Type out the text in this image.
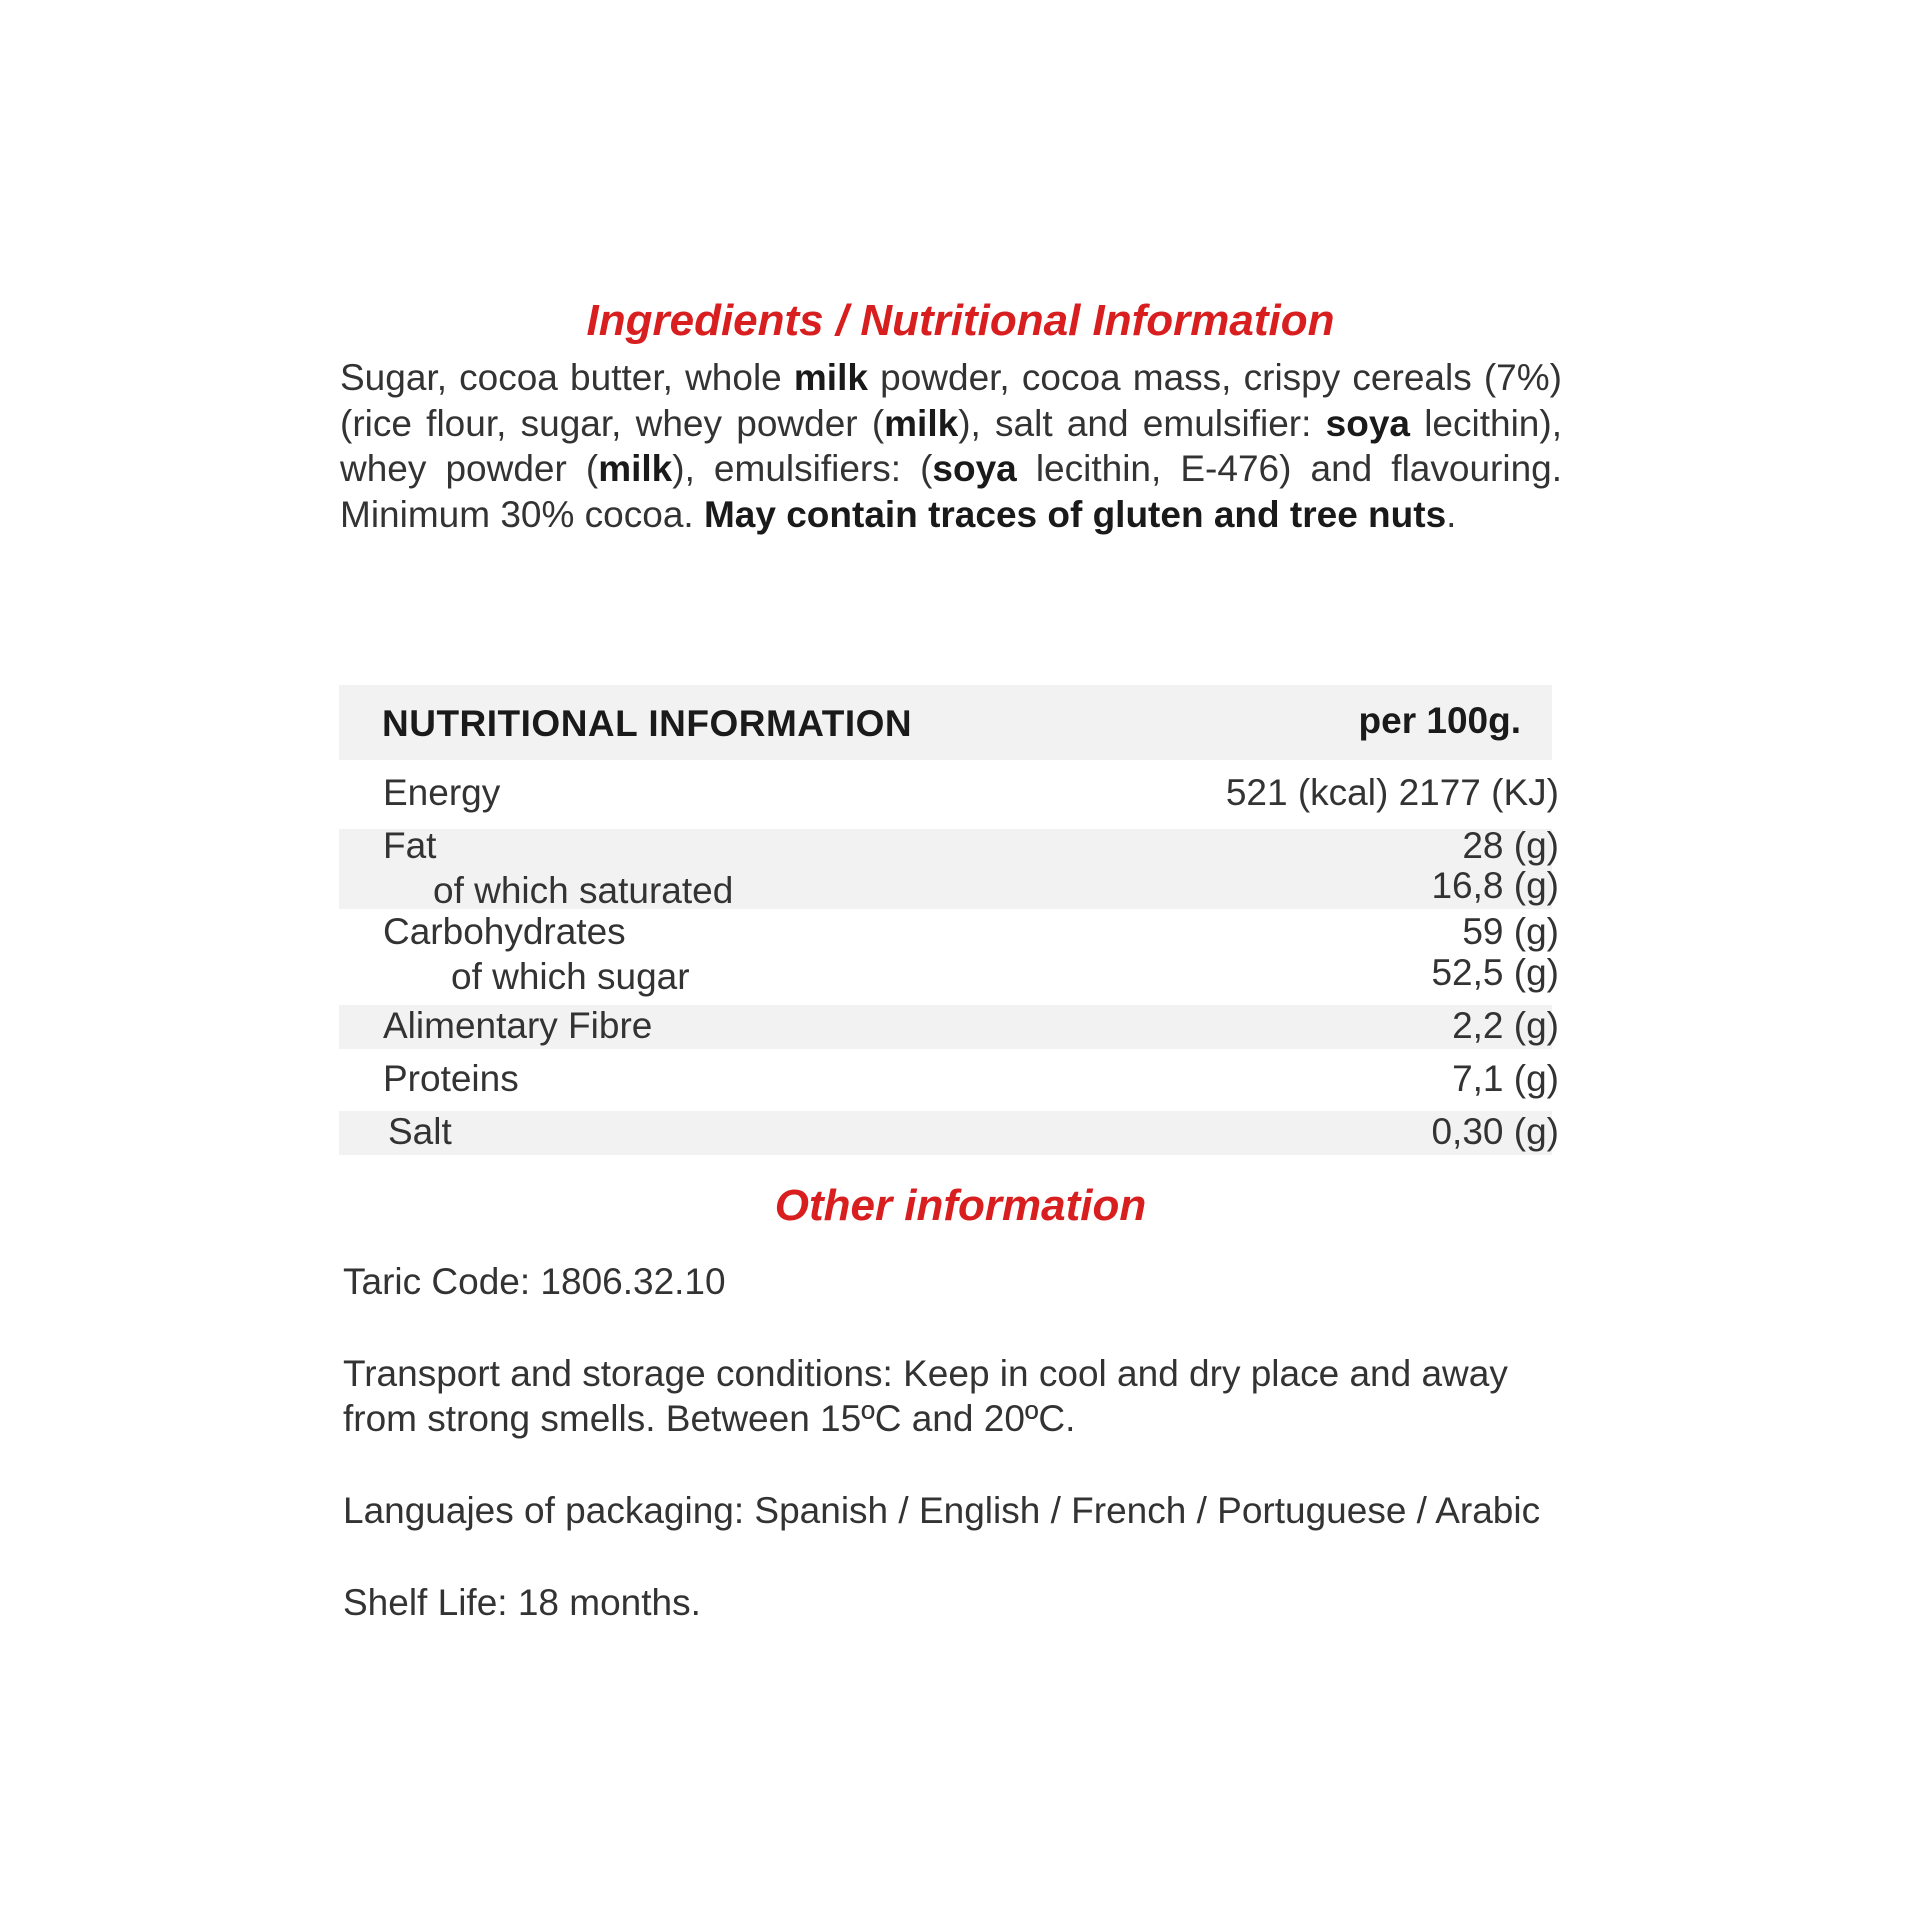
Ingredients / Nutritional Information

Sugar, cocoa butter, whole milk powder, cocoa mass, crispy cereals (7%) (rice flour, sugar, whey powder (milk), salt and emulsifier: soya lecithin), whey powder (milk), emulsifiers: (soya lecithin, E-476) and flavouring. Minimum 30% cocoa. May contain traces of gluten and tree nuts.

NUTRITIONAL INFORMATION	per 100g.
Energy	521 (kcal) 2177 (KJ)
Fat	28 (g)
of which saturated	16,8 (g)
Carbohydrates	59 (g)
of which sugar	52,5 (g)
Alimentary Fibre	2,2 (g)
Proteins	7,1 (g)
Salt	0,30 (g)
Other information

Taric Code: 1806.32.10

Transport and storage conditions: Keep in cool and dry place and away

from strong smells. Between 15ºC and 20ºC.

Languajes of packaging: Spanish / English / French / Portuguese / Arabic

Shelf Life: 18 months.
